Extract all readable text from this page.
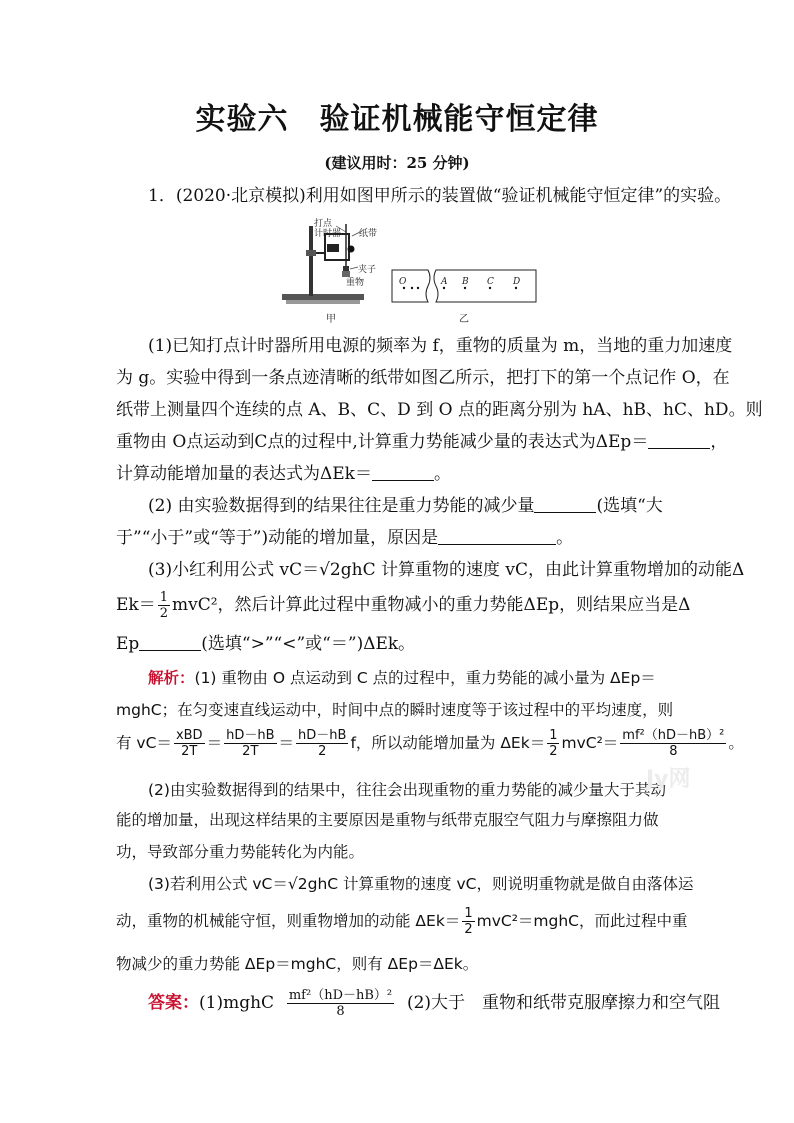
实验六　验证机械能守恒定律
(建议用时：25 分钟)
1．(2020·北京模拟)利用如图甲所示的装置做“验证机械能守恒定律”的实验。
打点
计时器 纸带
夹子
重物
甲
O	A B C D
乙
(1)已知打点计时器所用电源的频率为 f，重物的质量为 m，当地的重力加速度
为 g。实验中得到一条点迹清晰的纸带如图乙所示，把打下的第一个点记作 O，在
纸带上测量四个连续的点 A、B、C、D 到 O 点的距离分别为 hA、hB、hC、hD。则
重物由 O点运动到C点的过程中,计算重力势能减少量的表达式为ΔEp＝	，
计算动能增加量的表达式为ΔEk＝	。
(2) 由实验数据得到的结果往往是重力势能的减少量	(选填“大
于”“小于”或“等于”)动能的增加量，原因是	。
(3)小红利用公式 vC＝√2ghC 计算重物的速度 vC，由此计算重物增加的动能Δ
$Ek= \frac{1}{2} mvC^2$，然后计算此过程中重物减小的重力势能ΔEp，则结果应当是Δ
Ep	(选填“>”“<”或“＝”)ΔEk。
解析：(1) 重物由 O 点运动到 C 点的过程中，重力势能的减小量为 ΔEp＝
mghC；在匀变速直线运动中，时间中点的瞬时速度等于该过程中的平均速度，则
有 $vC= \frac{\text{xBD}}{2T} = \frac{hD-hB}{2T} = \frac{hD-hB}{2}$ f，所以动能增加量为 $\Delta Ek= \frac{1}{2} mvC^2= \frac{\text{mf²（hD－hB）²}}{8}$ 。
(2)由实验数据得到的结果中，往往会出现重物的重力势能的减少量大于其动
能的增加量，出现这样结果的主要原因是重物与纸带克服空气阻力与摩擦阻力做
功，导致部分重力势能转化为内能。
(3)若利用公式 vC＝√2ghC 计算重物的速度 vC，则说明重物就是做自由落体运
动，重物的机械能守恒，则重物增加的动能 $\Delta Ek= \frac{1}{2}$ mvC²＝mghC，而此过程中重
物减少的重力势能 ΔEp＝mghC，则有 ΔEp＝ΔEk。
答案：(1)mghC $\frac{\text{mf²（hD－hB）²}}{8} (2)$大于　重物和纸带克服摩擦力和空气阻
Jy网
